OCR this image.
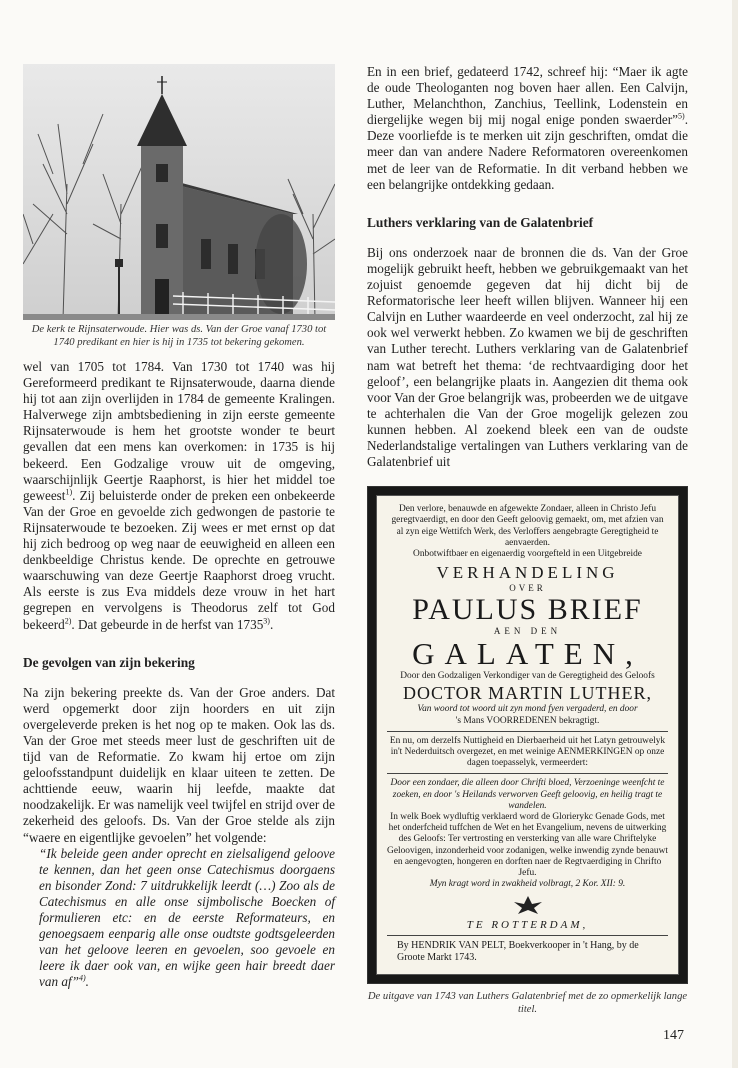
De kerk te Rijnsaterwoude. Hier was ds. Van der Groe vanaf 1730 tot 1740 predikant en hier is hij in 1735 tot bekering gekomen.

wel van 1705 tot 1784. Van 1730 tot 1740 was hij Gereformeerd predikant te Rijnsaterwoude, daarna diende hij tot aan zijn overlijden in 1784 de gemeente Kralingen. Halverwege zijn ambtsbediening in zijn eerste gemeente Rijnsaterwoude is hem het grootste wonder te beurt gevallen dat een mens kan overkomen: in 1735 is hij bekeerd. Een Godzalige vrouw uit de omgeving, waarschijnlijk Geertje Raaphorst, is hier het middel toe geweest$^{1)}$. Zij beluisterde onder de preken een onbekeerde Van der Groe en gevoelde zich gedwongen de pastorie te Rijnsaterwoude te bezoeken. Zij wees er met ernst op dat hij zich bedroog op weg naar de eeuwigheid en alleen een denkbeeldige Christus kende. De oprechte en getrouwe waarschuwing van deze Geertje Raaphorst droeg vrucht. Als eerste is zus Eva middels deze vrouw in het hart gegrepen en vervolgens is Theodorus zelf tot God bekeerd$^{2)}$. Dat gebeurde in de herfst van 1735$^{3)}$.

De gevolgen van zijn bekering

Na zijn bekering preekte ds. Van der Groe anders. Dat werd opgemerkt door zijn hoorders en uit zijn overgeleverde preken is het nog op te maken. Ook las ds. Van der Groe met steeds meer lust de geschriften uit de tijd van de Reformatie. Zo kwam hij ertoe om zijn geloofsstandpunt duidelijk en klaar uiteen te zetten. De achttiende eeuw, waarin hij leefde, maakte dat noodzakelijk. Er was namelijk veel twijfel en strijd over de zekerheid des geloofs. Ds. Van der Groe stelde als zijn “waere en eigentlijke gevoelen” het volgende:

“Ik beleide geen ander oprecht en zielsaligend geloove te kennen, dan het geen onse Catechismus doorgaens en bisonder Zond: 7 uitdrukkelijk leerdt (…) Zoo als de Catechismus en alle onse sijmbolische Boecken of formulieren etc: en de eerste Reformateurs, en genoegsaem eenparig alle onse oudtste godtsgeleerden van het geloove leeren en gevoelen, soo gevoele en leere ik daer ook van, en wijke geen hair breedt daer van af”$^{4)}$.

En in een brief, gedateerd 1742, schreef hij: “Maer ik agte de oude Theologanten nog boven haer allen. Een Calvijn, Luther, Melanchthon, Zanchius, Teellink, Lodenstein en diergelijke wegen bij mij nogal enige ponden swaerder”$^{5)}$. Deze voorliefde is te merken uit zijn geschriften, omdat die meer dan van andere Nadere Reformatoren overeenkomen met de leer van de Reformatie. In dit verband hebben we een belangrijke ontdekking gedaan.

Luthers verklaring van de Galatenbrief

Bij ons onderzoek naar de bronnen die ds. Van der Groe mogelijk gebruikt heeft, hebben we gebruikgemaakt van het zojuist genoemde gegeven dat hij dicht bij de Reformatorische leer heeft willen blijven. Wanneer hij een Calvijn en Luther waardeerde en veel onderzocht, zal hij ze ook wel verwerkt hebben. Zo kwamen we bij de geschriften van Luther terecht. Luthers verklaring van de Galatenbrief nam wat betreft het thema: ‘de rechtvaardiging door het geloof’, een belangrijke plaats in. Aangezien dit thema ook voor Van der Groe belangrijk was, probeerden we de uitgave te achterhalen die Van der Groe mogelijk gelezen zou kunnen hebben. Al zoekend bleek een van de oudste Nederlandstalige vertalingen van Luthers verklaring van de Galatenbrief uit

Den verlore, benauwde en afgewekte Zondaer, alleen in Christo Jefu geregtvaerdigt, en door den Geeft geloovig gemaekt, om, met afzien van al zyn eige Wettifch Werk, des Verloffers aengebragte Geregtigheid te aenvaerden.
Onbotwiftbaer en eigenaerdig voorgefteld in een Uitgebreide
VERHANDELING
OVER
PAULUS BRIEF
AEN DEN
GALATEN,
Door den Godzaligen Verkondiger van de Geregtigheid des Geloofs
DOCTOR MARTIN LUTHER,
Van woord tot woord uit zyn mond fyen vergaderd, en door
's Mans VOORREDENEN bekragtigt.
En nu, om derzelfs Nuttigheid en Dierbaerheid uit het Latyn getrouwelyk in't Nederduitsch overgezet, en met weinige AENMERKINGEN op onze dagen toepasselyk, vermeerdert:
Door een zondaer, die alleen door Chrifti bloed, Verzoeninge weenfcht te zoeken, en door 's Heilands verworven Geeft geloovig, en heilig tragt te wandelen.
In welk Boek wydluftig verklaerd word de Glorierykc Genade Gods, met het onderfcheid tuffchen de Wet en het Evangelium, nevens de uitwerking des Geloofs: Ter vertrosting en versterking van alle ware Chriftelyke Geloovigen, inzonderheid voor zodanigen, welke inwendig zynde benauwt en aengevogten, hongeren en dorften naer de Regtvaerdiging in Chrifto Jefu.
Myn kragt word in zwakheid volbragt, 2 Kor. XII: 9.
TE ROTTERDAM,
By HENDRIK VAN PELT, Boekverkooper in 't Hang, by de Groote Markt 1743.
De uitgave van 1743 van Luthers Galatenbrief met de zo opmerkelijk lange titel.
147
